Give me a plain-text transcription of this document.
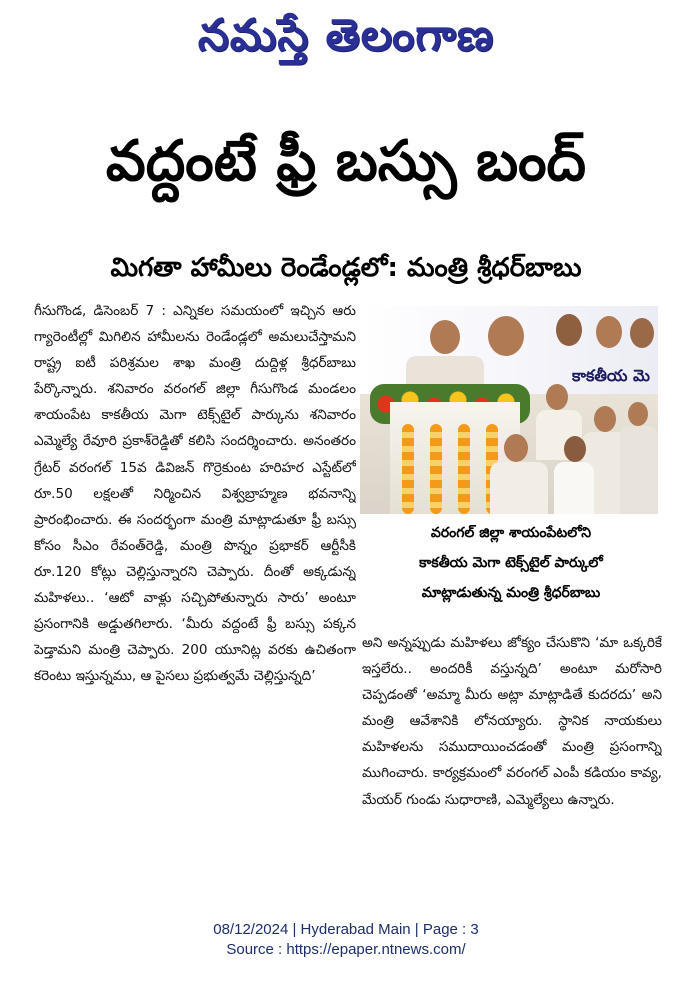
నమస్తే తెలంగాణ
వద్దంటే ఫ్రీ బస్సు బంద్
మిగతా హామీలు రెండేండ్లలో: మంత్రి శ్రీధర్‌బాబు

గీసుగొండ, డిసెంబర్ 7 : ఎన్నికల సమయంలో ఇచ్చిన ఆరు గ్యారెంటీల్లో మిగిలిన హామీలను రెండేండ్లలో అమలుచేస్తామని రాష్ట్ర ఐటీ పరిశ్రమల శాఖ మంత్రి దుద్దిళ్ల శ్రీధర్‌బాబు పేర్కొన్నారు. శనివారం వరంగల్ జిల్లా గీసుగొండ మండలం శాయంపేట కాకతీయ మెగా టెక్స్‌టైల్ పార్కును శనివారం ఎమ్మెల్యే రేవూరి ప్రకాశ్‌రెడ్డితో కలిసి సందర్శించారు. అనంతరం గ్రేటర్ వరంగల్ 15వ డివిజన్ గొర్రెకుంట హరిహర ఎస్టేట్‌లో రూ.50 లక్షలతో నిర్మించిన విశ్వబ్రాహ్మణ భవనాన్ని ప్రారంభించారు. ఈ సందర్భంగా మంత్రి మాట్లాడుతూ ఫ్రీ బస్సు కోసం సీఎం రేవంత్‌రెడ్డి, మంత్రి పొన్నం ప్రభాకర్ ఆర్టీసీకి రూ.120 కోట్లు చెల్లిస్తున్నారని చెప్పారు. దీంతో అక్కడున్న మహిళలు.. ‘ఆటో వాళ్లు సచ్చిపోతున్నారు సారు’ అంటూ ప్రసంగానికి అడ్డుతగిలారు. ‘మీరు వద్దంటే ఫ్రీ బస్సు పక్కన పెడ్తామని మంత్రి చెప్పారు. 200 యూనిట్ల వరకు ఉచితంగా కరెంటు ఇస్తున్నము, ఆ పైసలు ప్రభుత్వమే చెల్లిస్తున్నది’

కాకతీయ మె

వరంగల్ జిల్లా శాయంపేటలోని

కాకతీయ మెగా టెక్స్‌టైల్ పార్కులో

మాట్లాడుతున్న మంత్రి శ్రీధర్‌బాబు

అని అన్నప్పుడు మహిళలు జోక్యం చేసుకొని ‘మా ఒక్కరికే ఇస్తలేరు.. అందరికీ వస్తున్నది’ అంటూ మరోసారి చెప్పడంతో ‘అమ్మా మీరు అట్లా మాట్లాడితే కుదరదు’ అని మంత్రి ఆవేశానికి లోనయ్యారు. స్థానిక నాయకులు మహిళలను సముదాయించడంతో మంత్రి ప్రసంగాన్ని ముగించారు. కార్యక్రమంలో వరంగల్ ఎంపీ కడియం కావ్య, మేయర్ గుండు సుధారాణి, ఎమ్మెల్యేలు ఉన్నారు.

08/12/2024 | Hyderabad Main | Page : 3

Source : https://epaper.ntnews.com/
